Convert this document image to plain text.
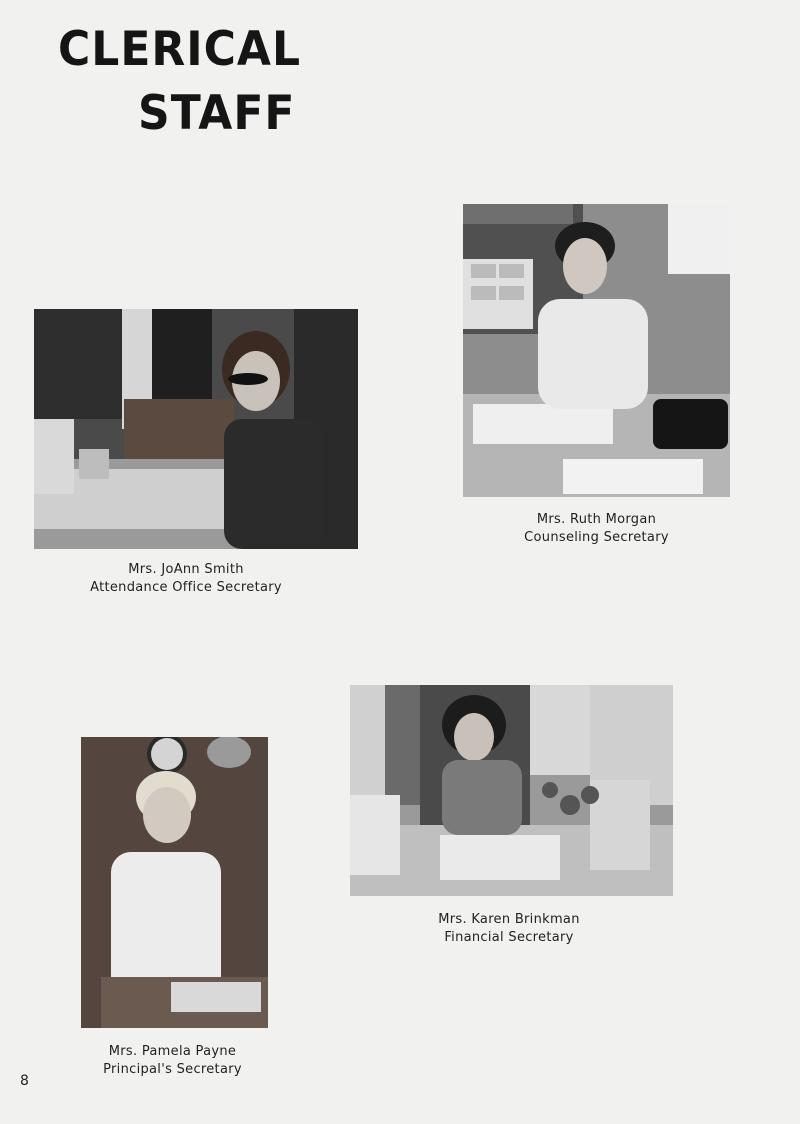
CLERICAL
STAFF
Mrs. JoAnn Smith
Attendance Office Secretary
Mrs. Ruth Morgan
Counseling Secretary
Mrs. Karen Brinkman
Financial Secretary
Mrs. Pamela Payne
Principal's Secretary
8
